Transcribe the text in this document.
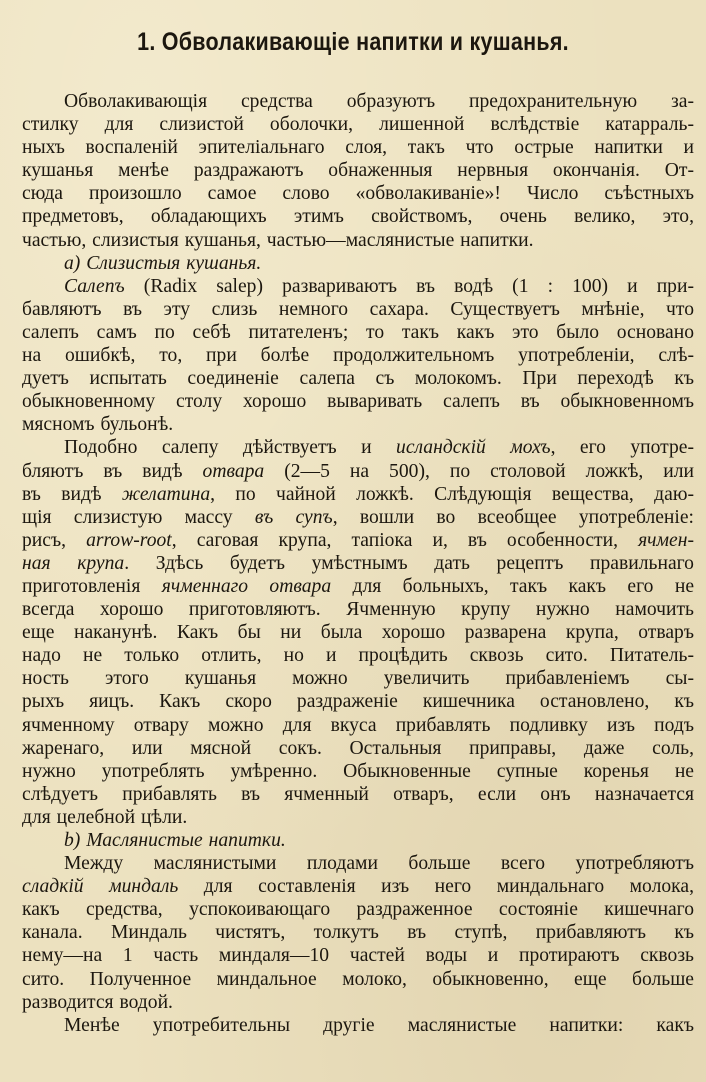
1. Обволакивающіе напитки и кушанья.
Обволакивающія средства образуютъ предохранительную за-
стилку для слизистой оболочки, лишенной вслѣдствіе катарраль-
ныхъ воспаленій эпителіальнаго слоя, такъ что острые напитки и
кушанья менѣе раздражаютъ обнаженныя нервныя окончанія. От-
сюда произошло самое слово «обволакиваніе»! Число съѣстныхъ
предметовъ, обладающихъ этимъ свойствомъ, очень велико, это,
частью, слизистыя кушанья, частью—маслянистые напитки.
a) Слизистыя кушанья.
Салепъ (Radix salep) развариваютъ въ водѣ (1 : 100) и при-
бавляютъ въ эту слизь немного сахара. Существуетъ мнѣніе, что
салепъ самъ по себѣ питателенъ; то такъ какъ это было основано
на ошибкѣ, то, при болѣе продолжительномъ употребленіи, слѣ-
дуетъ испытать соединеніе салепа съ молокомъ. При переходѣ къ
обыкновенному столу хорошо вываривать салепъ въ обыкновенномъ
мясномъ бульонѣ.
Подобно салепу дѣйствуетъ и исландскій мохъ, его употре-
бляютъ въ видѣ отвара (2—5 на 500), по столовой ложкѣ, или
въ видѣ желатина, по чайной ложкѣ. Слѣдующія вещества, даю-
щія слизистую массу въ супъ, вошли во всеобщее употребленіе:
рисъ, arrow-root, саговая крупа, тапіока и, въ особенности, ячмен-
ная крупа. Здѣсь будетъ умѣстнымъ дать рецептъ правильнаго
приготовленія ячменнаго отвара для больныхъ, такъ какъ его не
всегда хорошо приготовляютъ. Ячменную крупу нужно намочить
еще наканунѣ. Какъ бы ни была хорошо разварена крупа, отваръ
надо не только отлить, но и процѣдить сквозь сито. Питатель-
ность этого кушанья можно увеличить прибавленіемъ сы-
рыхъ яицъ. Какъ скоро раздраженіе кишечника остановлено, къ
ячменному отвару можно для вкуса прибавлять подливку изъ подъ
жаренаго, или мясной сокъ. Остальныя приправы, даже соль,
нужно употреблять умѣренно. Обыкновенные супные коренья не
слѣдуетъ прибавлять въ ячменный отваръ, если онъ назначается
для целебной цѣли.
b) Маслянистые напитки.
Между маслянистыми плодами больше всего употребляютъ
сладкій миндаль для составленія изъ него миндальнаго молока,
какъ средства, успокоивающаго раздраженное состояніе кишечнаго
канала. Миндаль чистятъ, толкутъ въ ступѣ, прибавляютъ къ
нему—на 1 часть миндаля—10 частей воды и протираютъ сквозь
сито. Полученное миндальное молоко, обыкновенно, еще больше
разводится водой.
Менѣе употребительны другіе маслянистые напитки: какъ
